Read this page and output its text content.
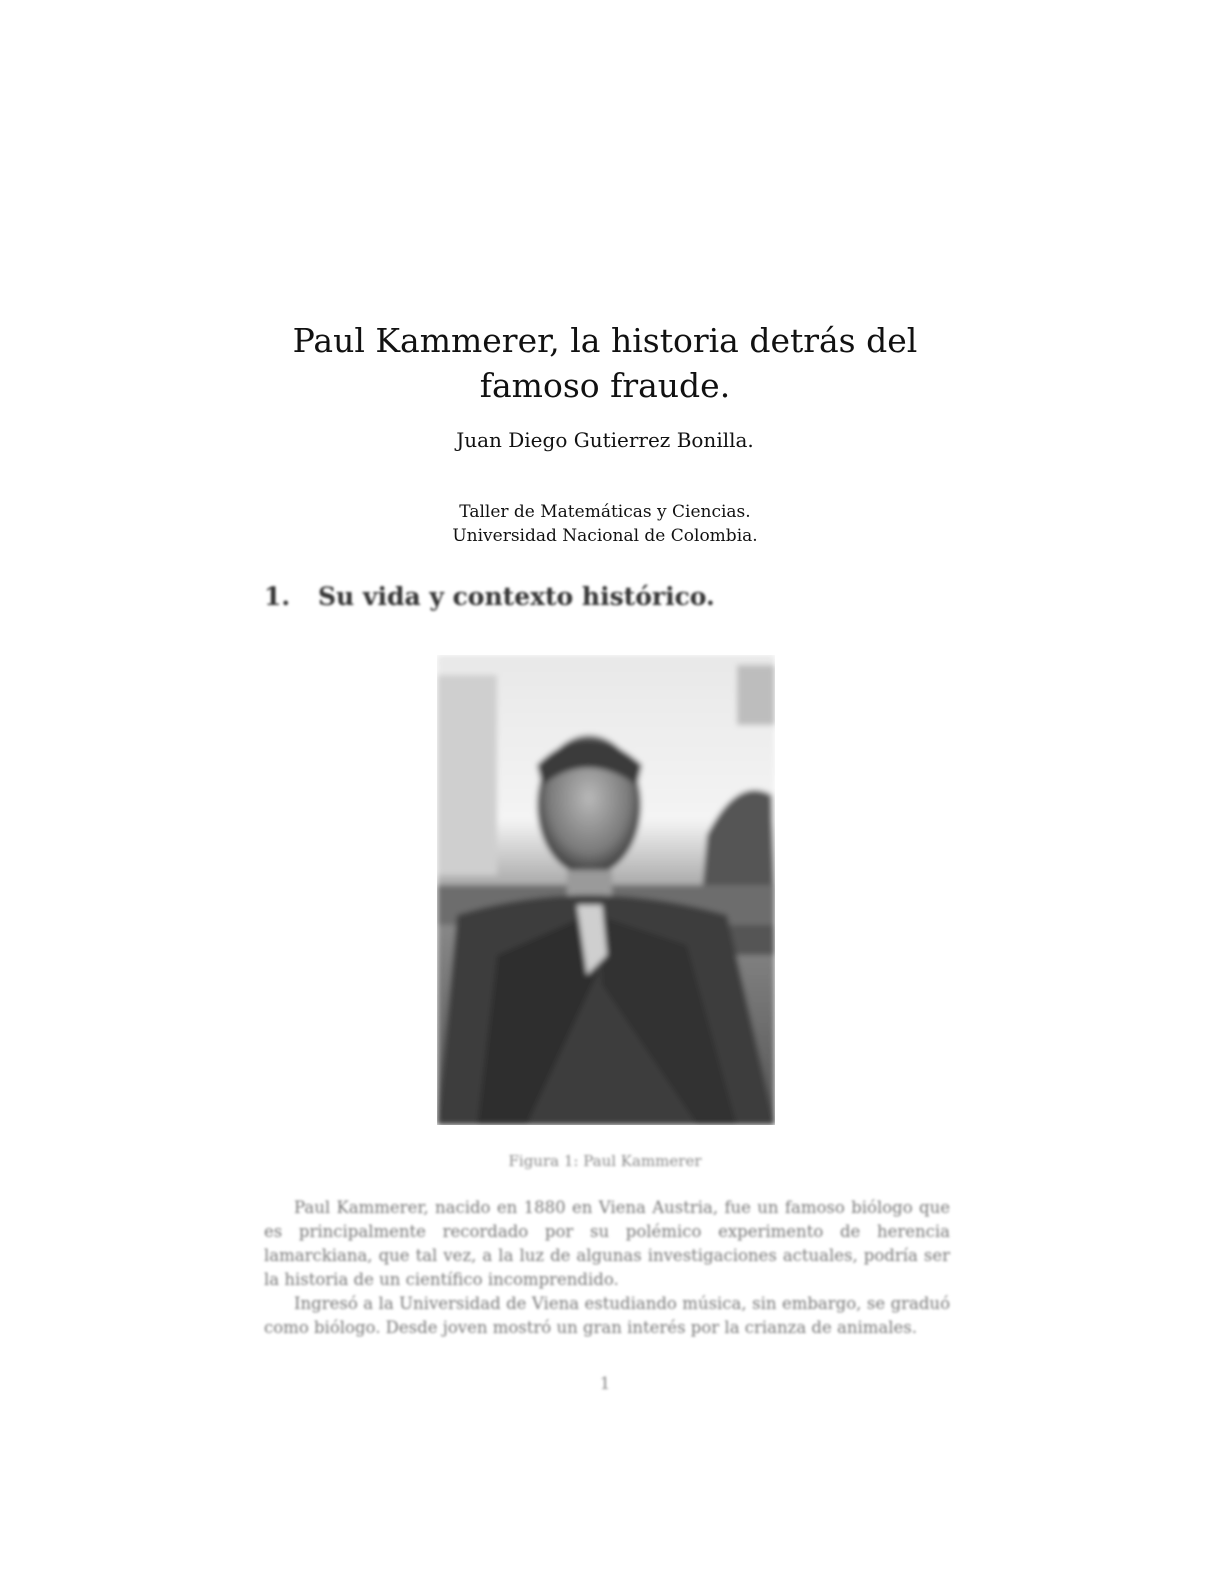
Paul Kammerer, la historia detrás del famoso fraude.
Juan Diego Gutierrez Bonilla.
Taller de Matemáticas y Ciencias.
Universidad Nacional de Colombia.
1. Su vida y contexto histórico.
Figura 1: Paul Kammerer

Paul Kammerer, nacido en 1880 en Viena Austria, fue un famoso biólogo que es principalmente recordado por su polémico experimento de herencia lamarckiana, que tal vez, a la luz de algunas investigaciones actuales, podría ser la historia de un científico incomprendido.

Ingresó a la Universidad de Viena estudiando música, sin embargo, se graduó como biólogo. Desde joven mostró un gran interés por la crianza de animales.

1
